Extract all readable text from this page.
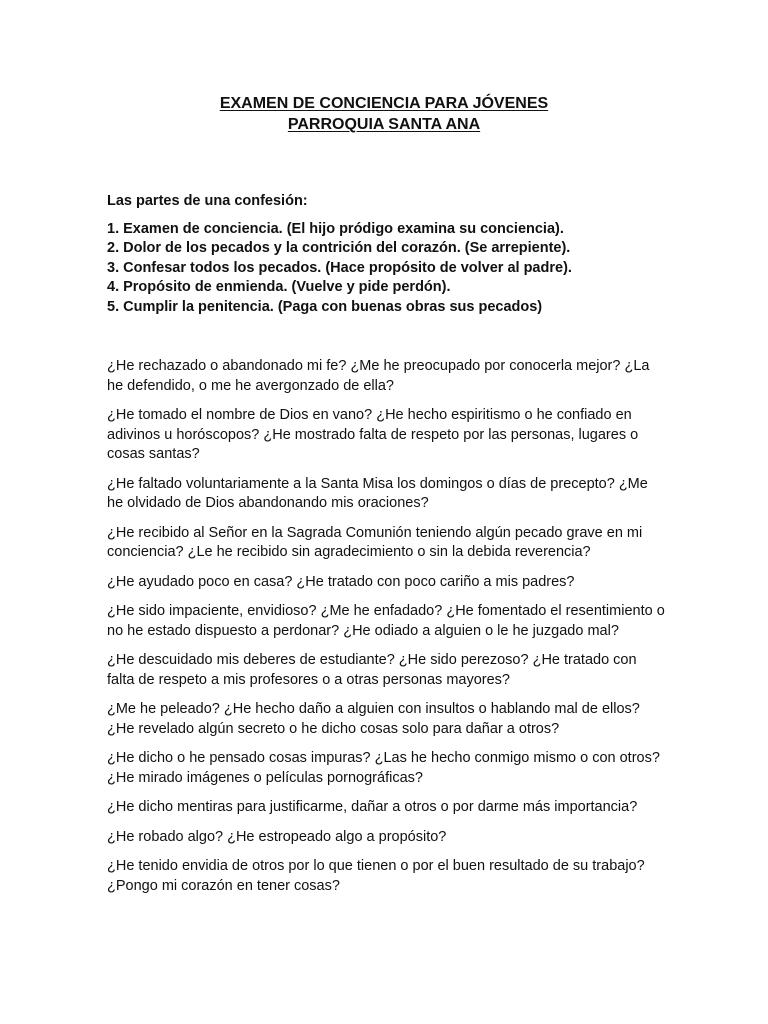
EXAMEN DE CONCIENCIA PARA JÓVENES
PARROQUIA SANTA ANA

Las partes de una confesión:

1. Examen de conciencia. (El hijo pródigo examina su conciencia).
2. Dolor de los pecados y la contrición del corazón. (Se arrepiente).
3. Confesar todos los pecados. (Hace propósito de volver al padre).
4. Propósito de enmienda. (Vuelve y pide perdón).
5. Cumplir la penitencia. (Paga con buenas obras sus pecados)

¿He rechazado o abandonado mi fe? ¿Me he preocupado por conocerla mejor? ¿La he defendido, o me he avergonzado de ella?

¿He tomado el nombre de Dios en vano? ¿He hecho espiritismo o he confiado en adivinos u horóscopos? ¿He mostrado falta de respeto por las personas, lugares o cosas santas?

¿He faltado voluntariamente a la Santa Misa los domingos o días de precepto? ¿Me he olvidado de Dios abandonando mis oraciones?

¿He recibido al Señor en la Sagrada Comunión teniendo algún pecado grave en mi conciencia? ¿Le he recibido sin agradecimiento o sin la debida reverencia?

¿He ayudado poco en casa? ¿He tratado con poco cariño a mis padres?

¿He sido impaciente, envidioso? ¿Me he enfadado? ¿He fomentado el resentimiento o no he estado dispuesto a perdonar? ¿He odiado a alguien o le he juzgado mal?

¿He descuidado mis deberes de estudiante? ¿He sido perezoso? ¿He tratado con falta de respeto a mis profesores o a otras personas mayores?

¿Me he peleado? ¿He hecho daño a alguien con insultos o hablando mal de ellos? ¿He revelado algún secreto o he dicho cosas solo para dañar a otros?

¿He dicho o he pensado cosas impuras? ¿Las he hecho conmigo mismo o con otros? ¿He mirado imágenes o películas pornográficas?

¿He dicho mentiras para justificarme, dañar a otros o por darme más importancia?

¿He robado algo? ¿He estropeado algo a propósito?

¿He tenido envidia de otros por lo que tienen o por el buen resultado de su trabajo? ¿Pongo mi corazón en tener cosas?
